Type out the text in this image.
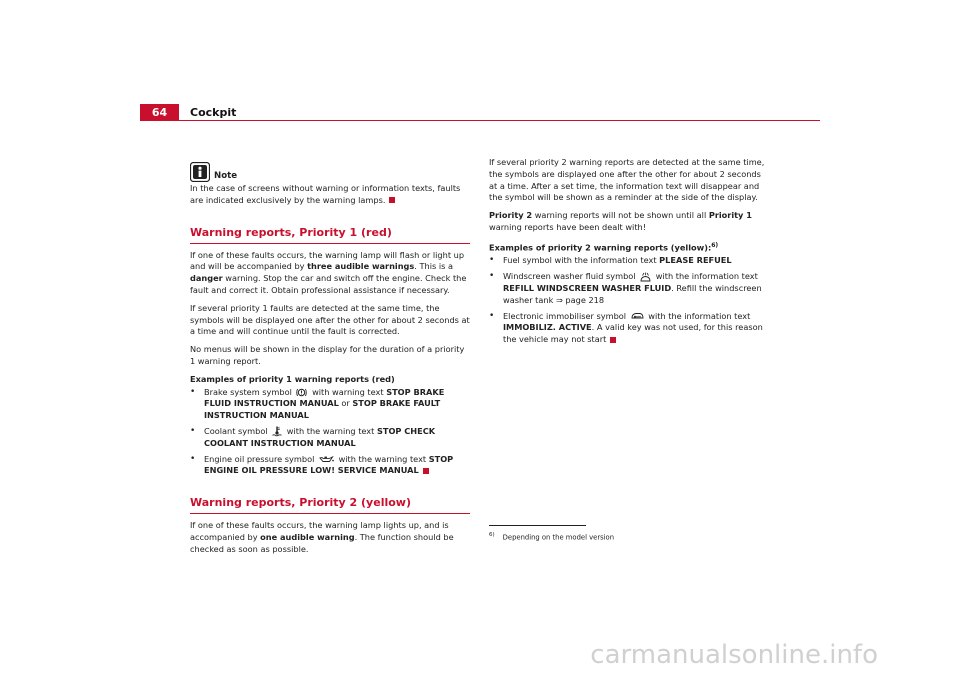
64	Cockpit
Note

In the case of screens without warning or information texts, faults are indicated exclusively by the warning lamps.

Warning reports, Priority 1 (red)

If one of these faults occurs, the warning lamp will flash or light up and will be accompanied by three audible warnings. This is a danger warning. Stop the car and switch off the engine. Check the fault and correct it. Obtain professional assistance if necessary.

If several priority 1 faults are detected at the same time, the symbols will be displayed one after the other for about 2 seconds at a time and will continue until the fault is corrected.

No menus will be shown in the display for the duration of a priority 1 warning report.

Examples of priority 1 warning reports (red)

• Brake system symbol  with warning text STOP BRAKE FLUID INSTRUCTION MANUAL or STOP BRAKE FAULT INSTRUCTION MANUAL

• Coolant symbol  with the warning text STOP CHECK COOLANT INSTRUCTION MANUAL

• Engine oil pressure symbol  with the warning text STOP ENGINE OIL PRESSURE LOW! SERVICE MANUAL

Warning reports, Priority 2 (yellow)

If one of these faults occurs, the warning lamp lights up, and is accompanied by one audible warning. The function should be checked as soon as possible.

If several priority 2 warning reports are detected at the same time, the symbols are displayed one after the other for about 2 seconds at a time. After a set time, the information text will disappear and the symbol will be shown as a reminder at the side of the display.

Priority 2 warning reports will not be shown until all Priority 1 warning reports have been dealt with!

Examples of priority 2 warning reports (yellow):$^{6)}$

• Fuel symbol with the information text PLEASE REFUEL

• Windscreen washer fluid symbol  with the information text REFILL WINDSCREEN WASHER FLUID. Refill the windscreen washer tank ⇒ page 218

• Electronic immobiliser symbol  with the information text IMMOBILIZ. ACTIVE. A valid key was not used, for this reason the vehicle may not start

$^{6)}$ Depending on the model version
carmanualsonline.info
